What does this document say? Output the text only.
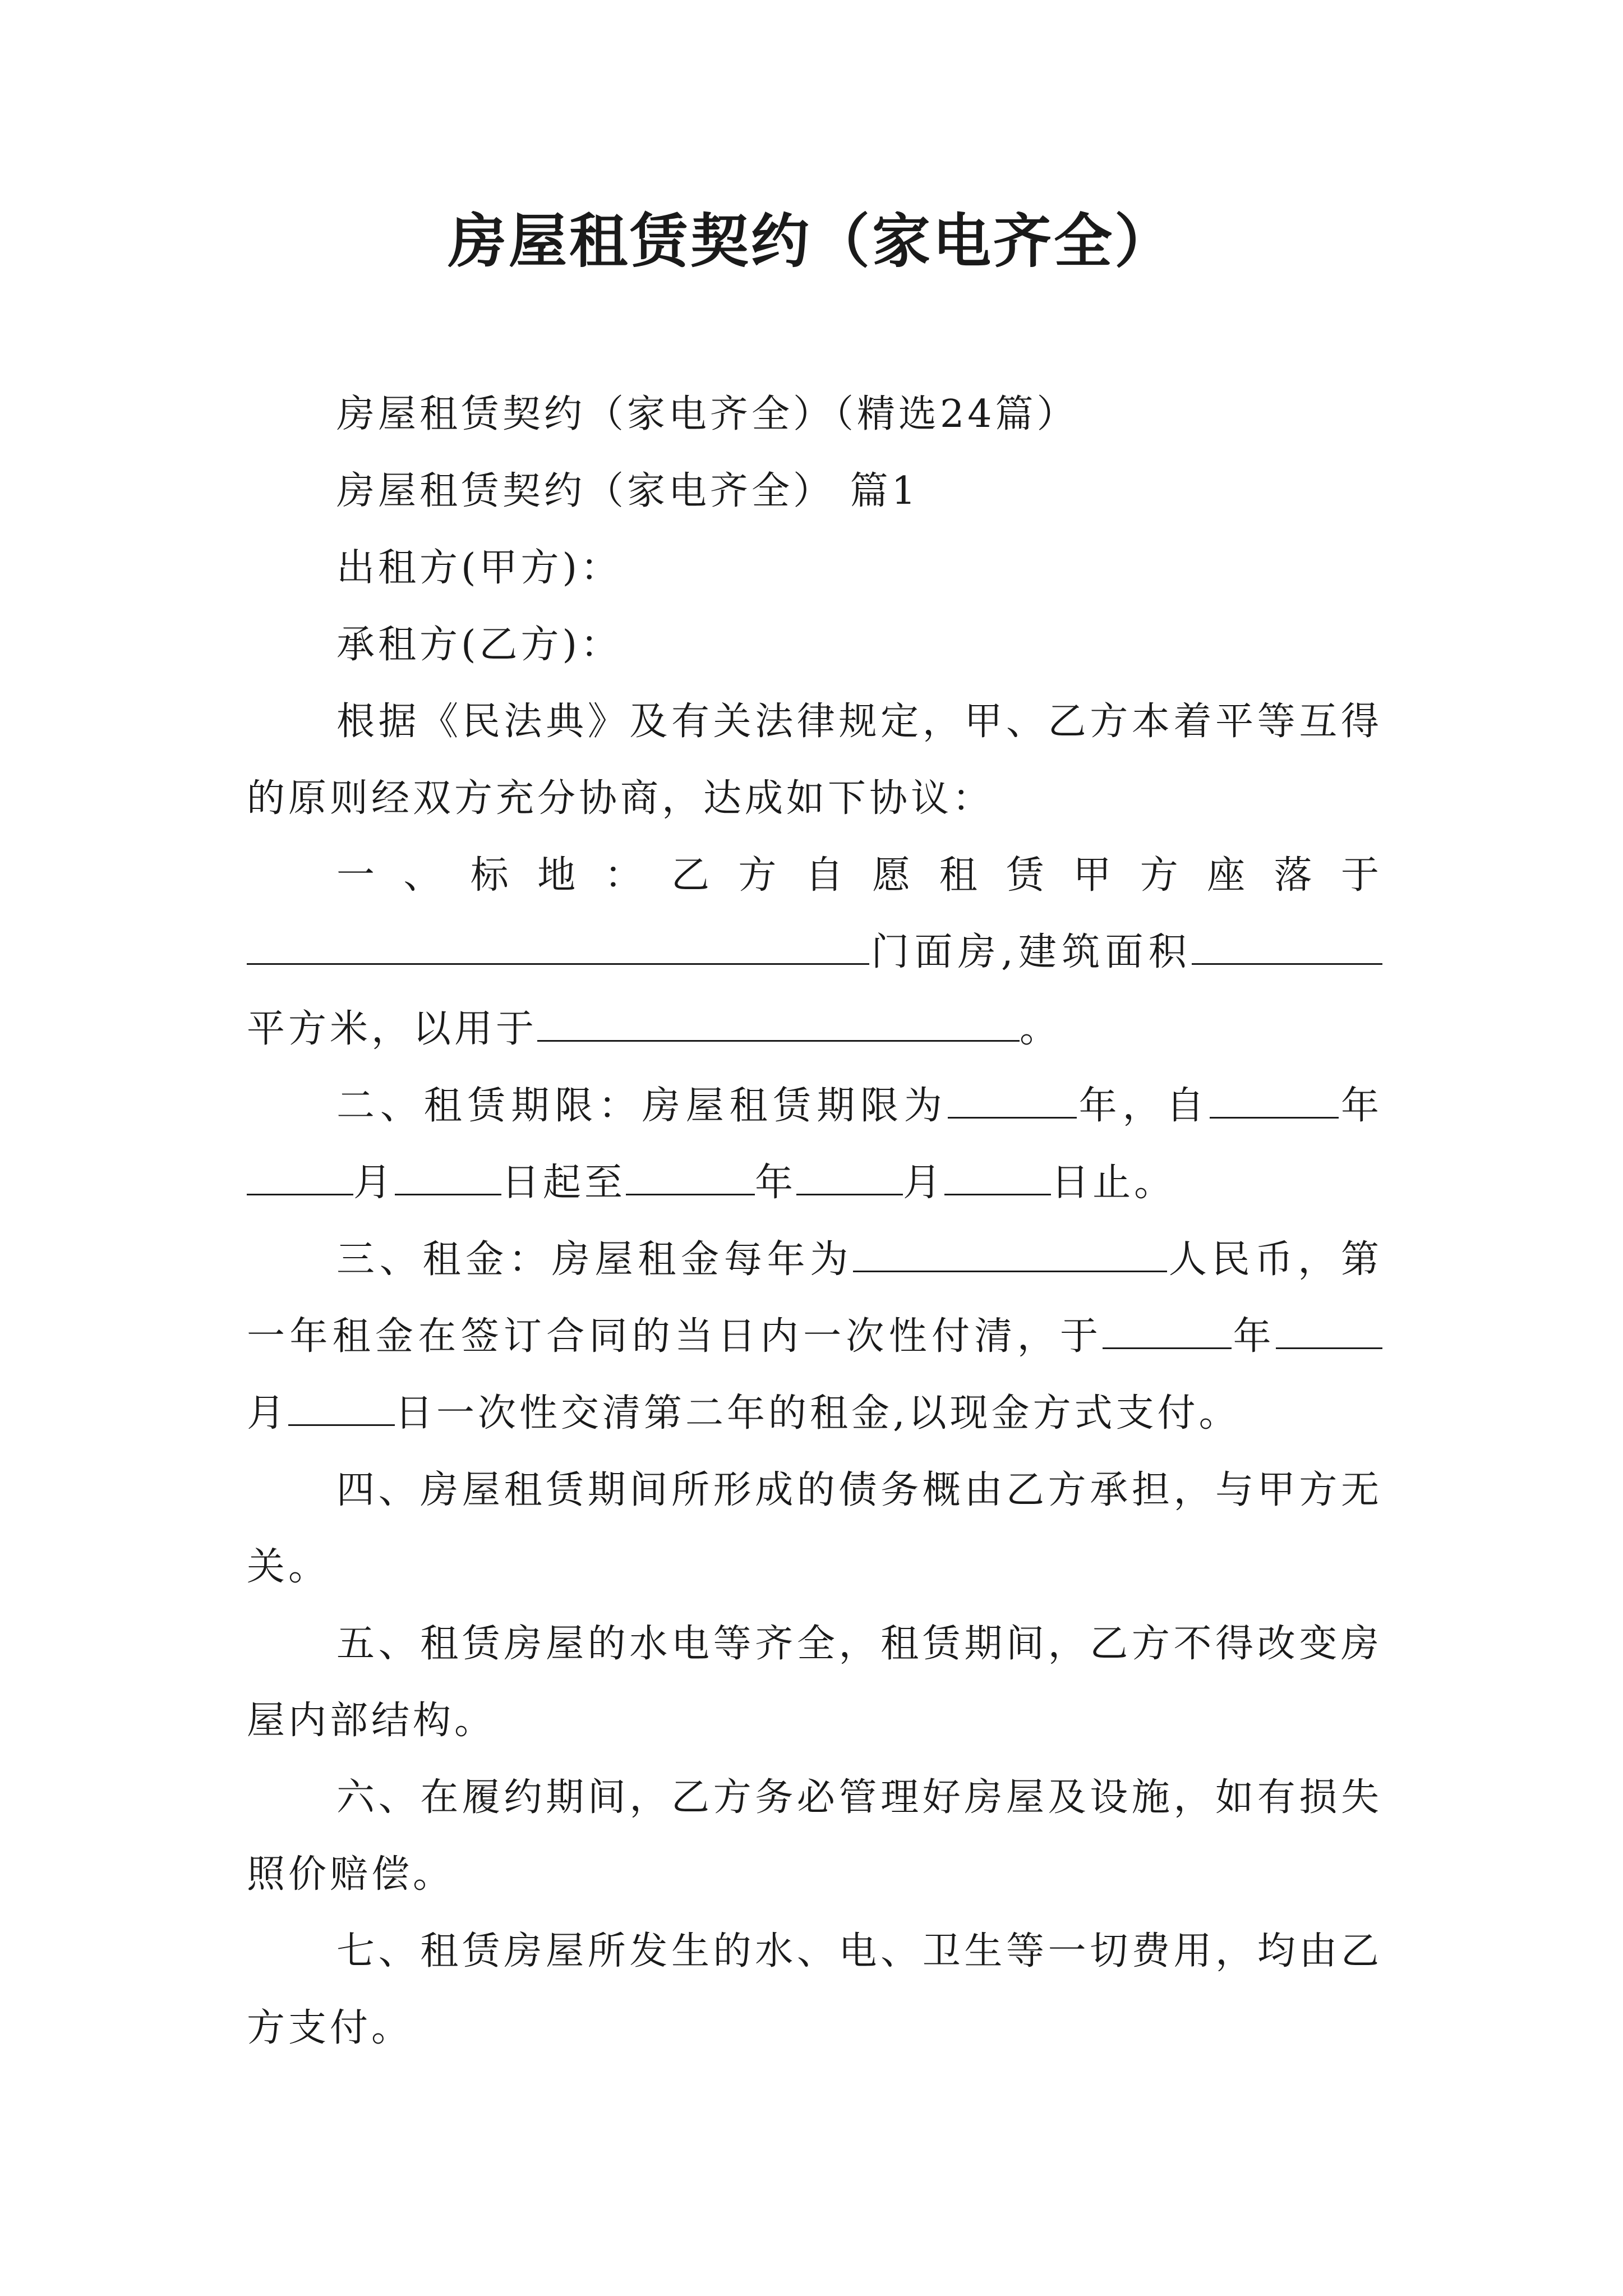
房屋租赁契约（家电齐全）

房屋租赁契约（家电齐全）（精选24篇）

房屋租赁契约（家电齐全） 篇1

出租方(甲方)：

承租方(乙方)：

根据《民法典》及有关法律规定，甲、乙方本着平等互得的原则经双方充分协商，达成如下协议：

一、标地：乙方自愿租赁甲方座落于门面房,建筑面积平方米，以用于	。

二、租赁期限：房屋租赁期限为	年，自	年月	日起至	年	月	日止。

三、租金：房屋租金每年为	人民币，第一年租金在签订合同的当日内一次性付清，于	年月	日一次性交清第二年的租金,以现金方式支付。

四、房屋租赁期间所形成的债务概由乙方承担，与甲方无关。

五、租赁房屋的水电等齐全，租赁期间，乙方不得改变房屋内部结构。

六、在履约期间，乙方务必管理好房屋及设施，如有损失照价赔偿。

七、租赁房屋所发生的水、电、卫生等一切费用，均由乙方支付。
